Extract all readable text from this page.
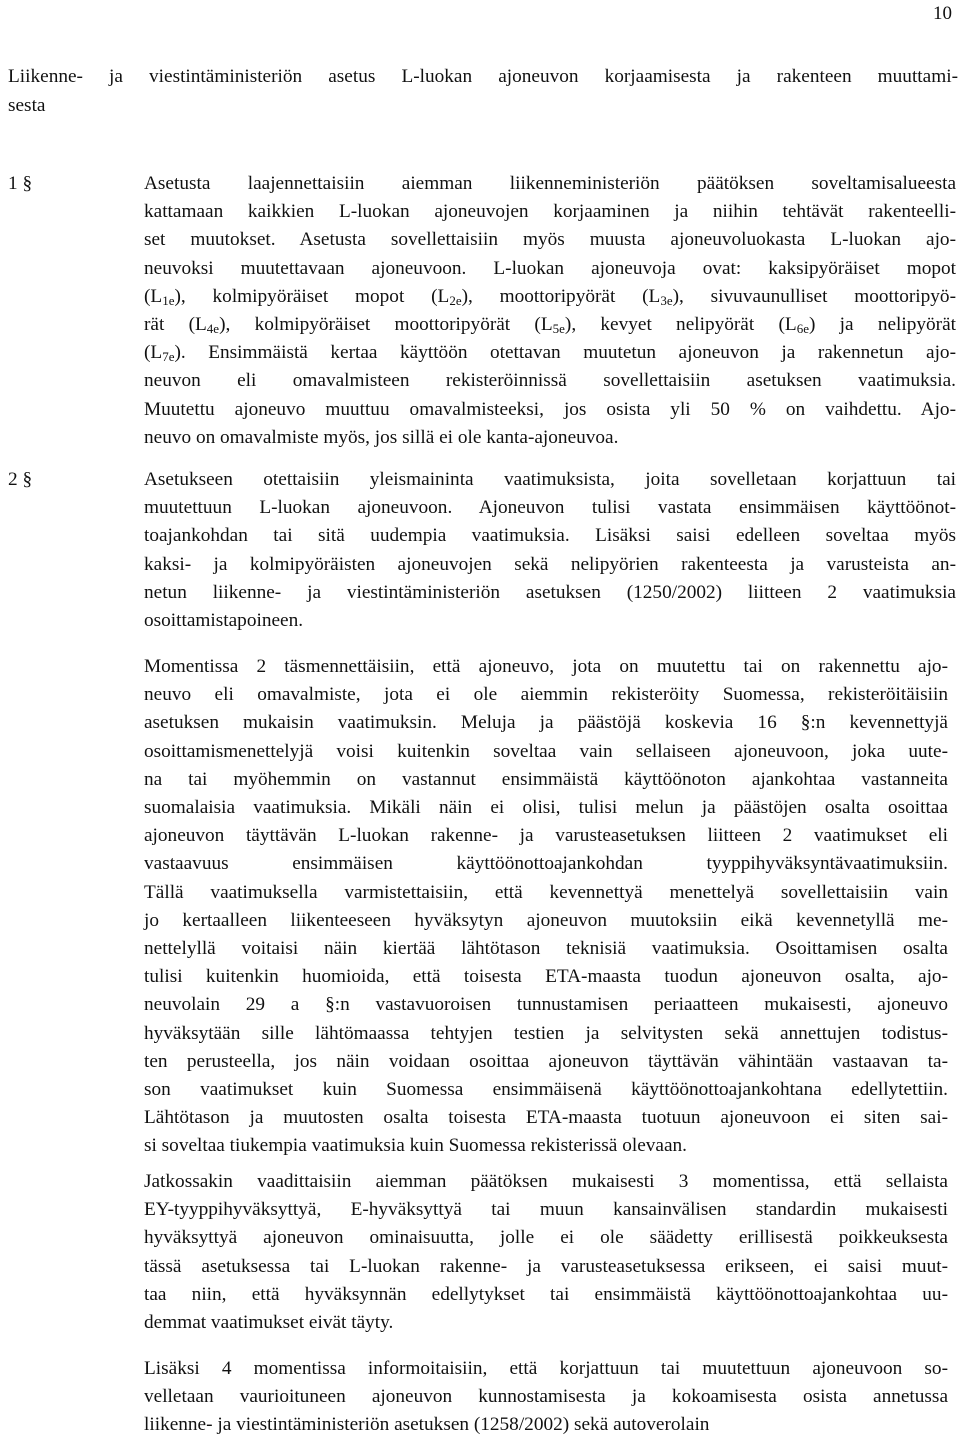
10
Liikenne- ja viestintäministeriön asetus L-luokan ajoneuvon korjaamisesta ja rakenteen muuttami-
sesta
1 §	Asetusta laajennettaisiin aiemman liikenneministeriön päätöksen soveltamisalueesta
kattamaan kaikkien L-luokan ajoneuvojen korjaaminen ja niihin tehtävät rakenteelli-
set muutokset. Asetusta sovellettaisiin myös muusta ajoneuvoluokasta L-luokan ajo-
neuvoksi muutettavaan ajoneuvoon. L-luokan ajoneuvoja ovat: kaksipyöräiset mopot
$(L_{1e})$, kolmipyöräiset mopot $(L_{2e})$, moottoripyörät $(L_{3e})$, sivuvaunulliset moottoripyö-
rät $(L_{4e})$, kolmipyöräiset moottoripyörät $(L_{5e})$, kevyet nelipyörät $(L_{6e})$ ja nelipyörät
$(L_{7e})$. Ensimmäistä kertaa käyttöön otettavan muutetun ajoneuvon ja rakennetun ajo-
neuvon eli omavalmisteen rekisteröinnissä sovellettaisiin asetuksen vaatimuksia.
Muutettu ajoneuvo muuttuu omavalmisteeksi, jos osista yli 50 % on vaihdettu. Ajo-
neuvo on omavalmiste myös, jos sillä ei ole kanta-ajoneuvoa.
2 §	Asetukseen otettaisiin yleismaininta vaatimuksista, joita sovelletaan korjattuun tai
muutettuun L-luokan ajoneuvoon. Ajoneuvon tulisi vastata ensimmäisen käyttöönot-
toajankohdan tai sitä uudempia vaatimuksia. Lisäksi saisi edelleen soveltaa myös
kaksi- ja kolmipyöräisten ajoneuvojen sekä nelipyörien rakenteesta ja varusteista an-
netun liikenne- ja viestintäministeriön asetuksen (1250/2002) liitteen 2 vaatimuksia
osoittamistapoineen.
Momentissa 2 täsmennettäisiin, että ajoneuvo, jota on muutettu tai on rakennettu ajo-
neuvo eli omavalmiste, jota ei ole aiemmin rekisteröity Suomessa, rekisteröitäisiin
asetuksen mukaisin vaatimuksin. Meluja ja päästöjä koskevia 16 §:n kevennettyjä
osoittamismenettelyjä voisi kuitenkin soveltaa vain sellaiseen ajoneuvoon, joka uute-
na tai myöhemmin on vastannut ensimmäistä käyttöönoton ajankohtaa vastanneita
suomalaisia vaatimuksia. Mikäli näin ei olisi, tulisi melun ja päästöjen osalta osoittaa
ajoneuvon täyttävän L-luokan rakenne- ja varusteasetuksen liitteen 2 vaatimukset eli
vastaavuus ensimmäisen käyttöönottoajankohdan tyyppihyväksyntävaatimuksiin.
Tällä vaatimuksella varmistettaisiin, että kevennettyä menettelyä sovellettaisiin vain
jo kertaalleen liikenteeseen hyväksytyn ajoneuvon muutoksiin eikä kevennetyllä me-
nettelyllä voitaisi näin kiertää lähtötason teknisiä vaatimuksia. Osoittamisen osalta
tulisi kuitenkin huomioida, että toisesta ETA-maasta tuodun ajoneuvon osalta, ajo-
neuvolain 29 a §:n vastavuoroisen tunnustamisen periaatteen mukaisesti, ajoneuvo
hyväksytään sille lähtömaassa tehtyjen testien ja selvitysten sekä annettujen todistus-
ten perusteella, jos näin voidaan osoittaa ajoneuvon täyttävän vähintään vastaavan ta-
son vaatimukset kuin Suomessa ensimmäisenä käyttöönottoajankohtana edellytettiin.
Lähtötason ja muutosten osalta toisesta ETA-maasta tuotuun ajoneuvoon ei siten sai-
si soveltaa tiukempia vaatimuksia kuin Suomessa rekisterissä olevaan.
Jatkossakin vaadittaisiin aiemman päätöksen mukaisesti 3 momentissa, että sellaista
EY-tyyppihyväksyttyä, E-hyväksyttyä tai muun kansainvälisen standardin mukaisesti
hyväksyttyä ajoneuvon ominaisuutta, jolle ei ole säädetty erillisestä poikkeuksesta
tässä asetuksessa tai L-luokan rakenne- ja varusteasetuksessa erikseen, ei saisi muut-
taa niin, että hyväksynnän edellytykset tai ensimmäistä käyttöönottoajankohtaa uu-
demmat vaatimukset eivät täyty.
Lisäksi 4 momentissa informoitaisiin, että korjattuun tai muutettuun ajoneuvoon so-
velletaan vaurioituneen ajoneuvon kunnostamisesta ja kokoamisesta osista annetussa
liikenne- ja viestintäministeriön asetuksen (1258/2002) sekä autoverolain
